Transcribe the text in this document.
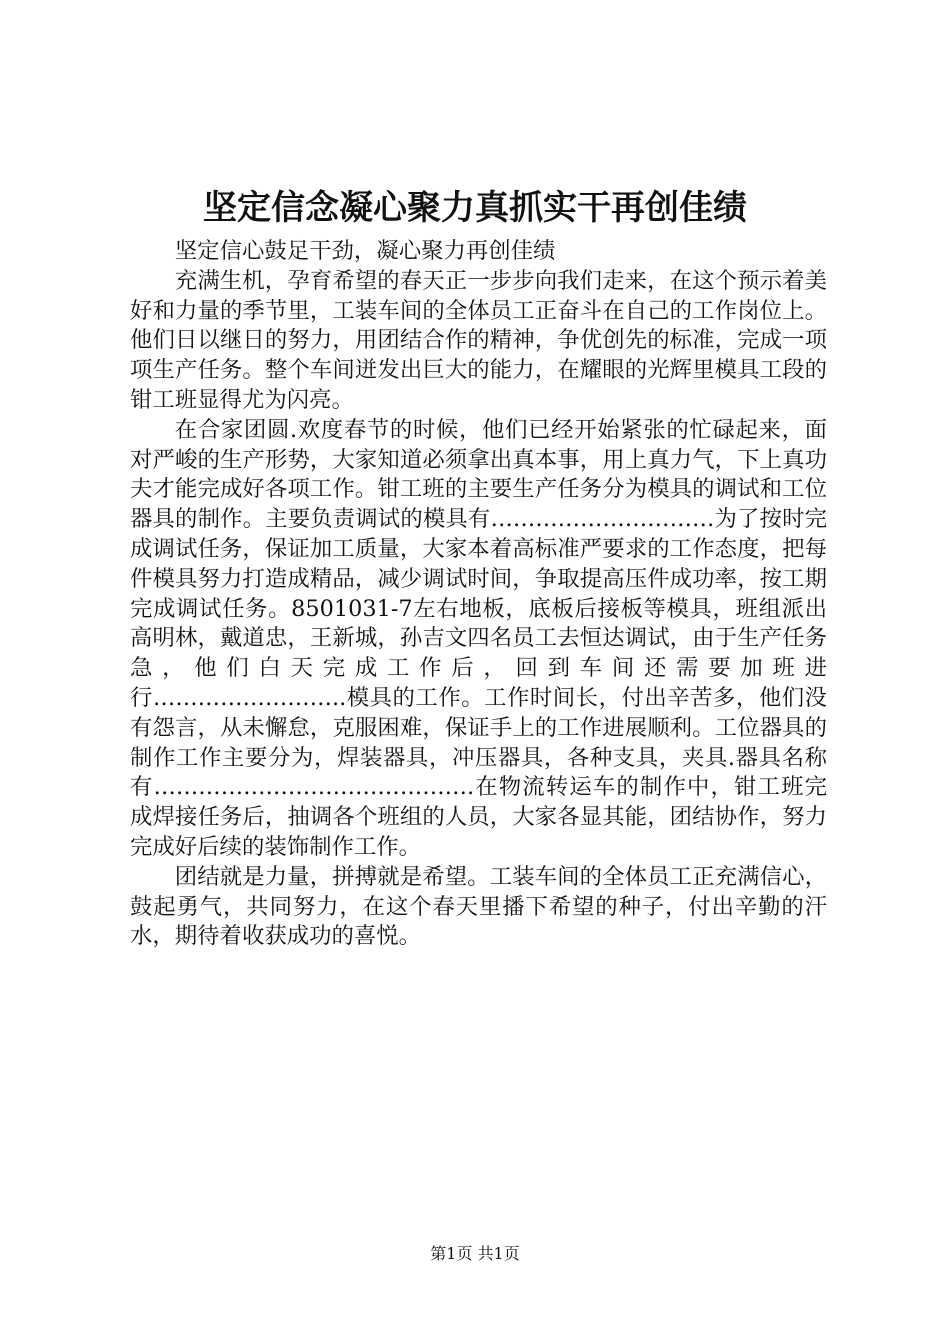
坚定信念凝心聚力真抓实干再创佳绩

坚定信心鼓足干劲，凝心聚力再创佳绩

充满生机，孕育希望的春天正一步步向我们走来，在这个预示着美好和力量的季节里，工装车间的全体员工正奋斗在自己的工作岗位上。他们日以继日的努力，用团结合作的精神，争优创先的标准，完成一项项生产任务。整个车间迸发出巨大的能力，在耀眼的光辉里模具工段的钳工班显得尤为闪亮。

在合家团圆.欢度春节的时候，他们已经开始紧张的忙碌起来，面对严峻的生产形势，大家知道必须拿出真本事，用上真力气，下上真功夫才能完成好各项工作。钳工班的主要生产任务分为模具的调试和工位器具的制作。主要负责调试的模具有…………………………为了按时完成调试任务，保证加工质量，大家本着高标准严要求的工作态度，把每件模具努力打造成精品，减少调试时间，争取提高压件成功率，按工期完成调试任务。8501031-7左右地板，底板后接板等模具，班组派出高明林，戴道忠，王新城，孙吉文四名员工去恒达调试，由于生产任务急，他们白天完成工作后，回到车间还需要加班进行……………………..模具的工作。工作时间长，付出辛苦多，他们没有怨言，从未懈怠，克服困难，保证手上的工作进展顺利。工位器具的制作工作主要分为，焊装器具，冲压器具，各种支具，夹具.器具名称有…………………………………….在物流转运车的制作中，钳工班完成焊接任务后，抽调各个班组的人员，大家各显其能，团结协作，努力完成好后续的装饰制作工作。

团结就是力量，拼搏就是希望。工装车间的全体员工正充满信心，鼓起勇气，共同努力，在这个春天里播下希望的种子，付出辛勤的汗水，期待着收获成功的喜悦。

第1页 共1页
